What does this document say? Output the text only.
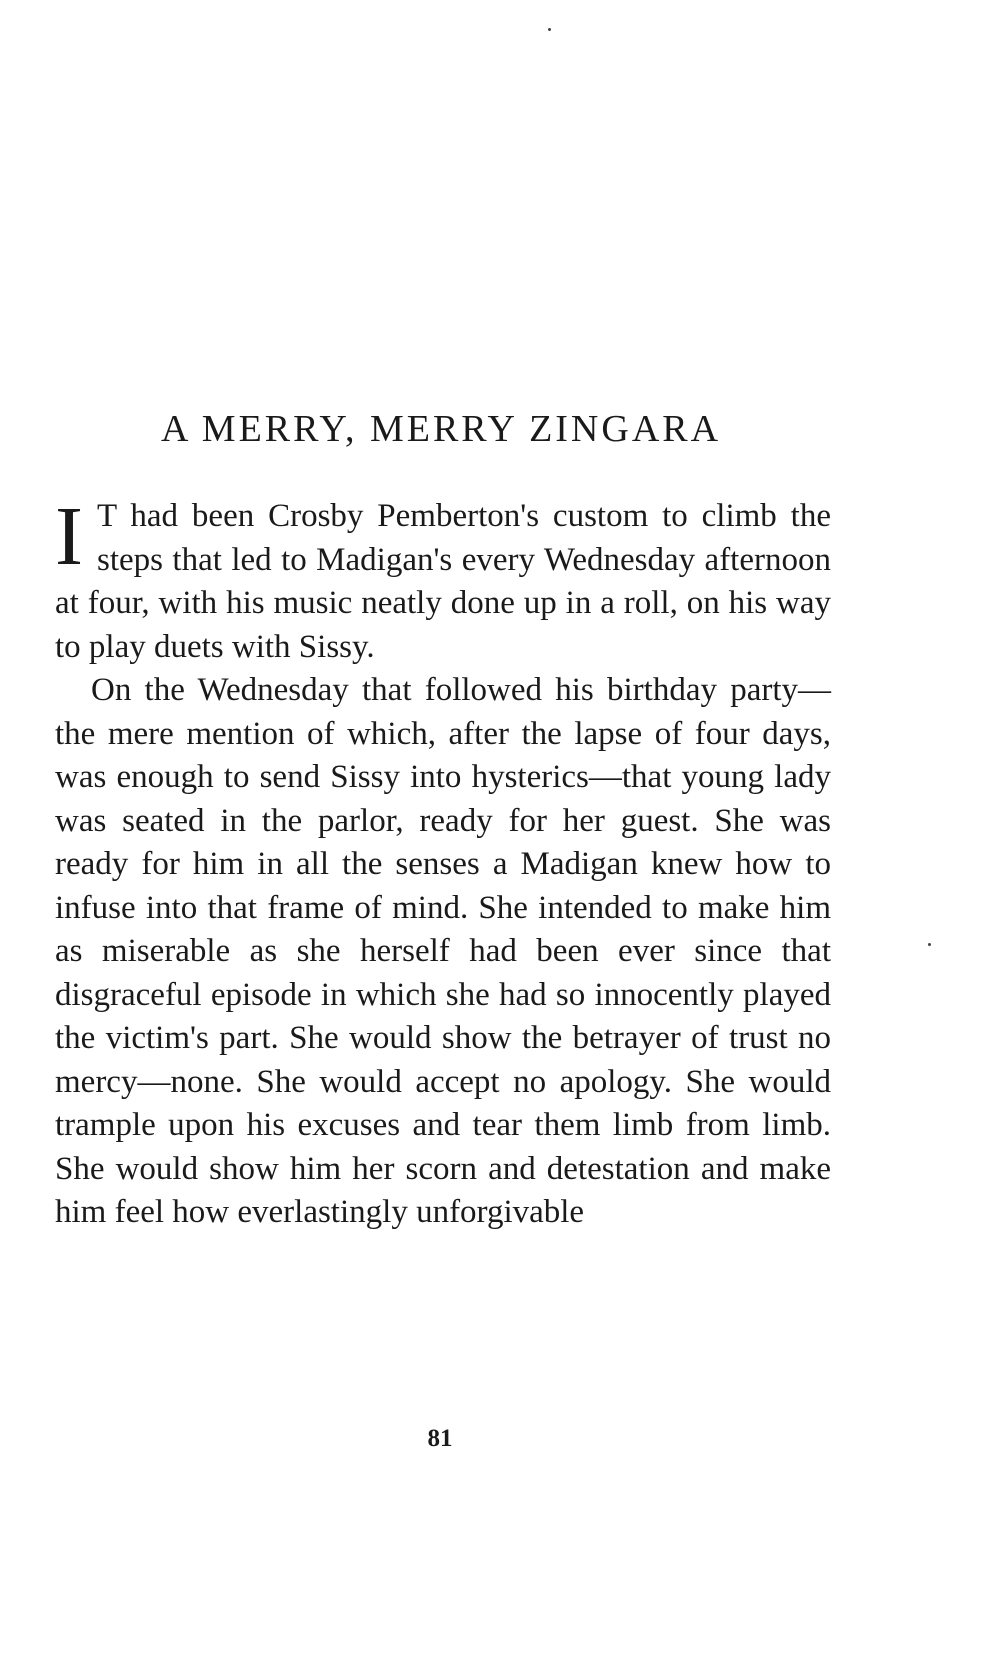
A MERRY, MERRY ZINGARA

I T had been Crosby Pemberton's custom to climb the steps that led to Madigan's every Wednesday afternoon at four, with his music neatly done up in a roll, on his way to play duets with Sissy.

On the Wednesday that followed his birthday party—the mere mention of which, after the lapse of four days, was enough to send Sissy into hysterics—that young lady was seated in the parlor, ready for her guest. She was ready for him in all the senses a Madigan knew how to infuse into that frame of mind. She intended to make him as miserable as she herself had been ever since that disgraceful episode in which she had so innocently played the victim's part. She would show the betrayer of trust no mercy—none. She would accept no apology. She would trample upon his excuses and tear them limb from limb. She would show him her scorn and detestation and make him feel how everlastingly unforgivable

81
